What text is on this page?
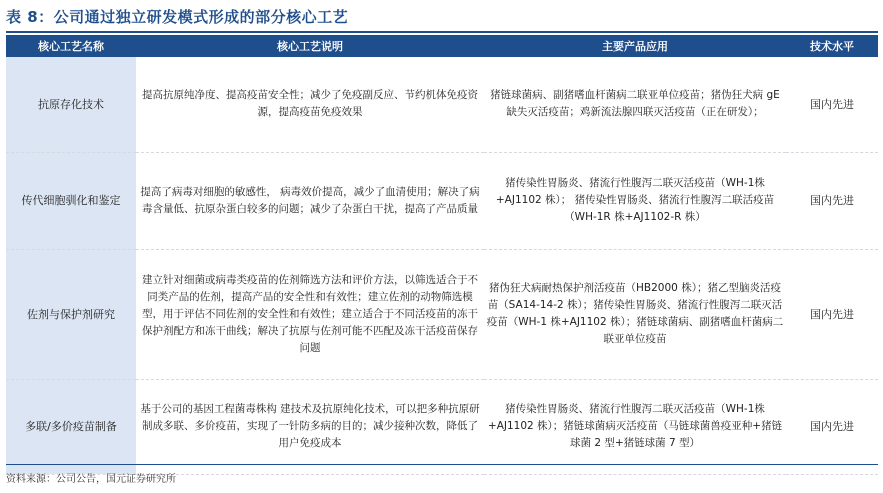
表 8：公司通过独立研发模式形成的部分核心工艺
核心工艺名称	核心工艺说明	主要产品应用	技术水平
抗原存化技术	提高抗原纯净度、提高疫苗安全性；减少了免疫副反应、节约机体免疫资源，提高疫苗免疫效果	猪链球菌病、副猪嗜血杆菌病二联亚单位疫苗；猪伪狂犬病 gE 缺失灭活疫苗；鸡新流法腺四联灭活疫苗（正在研发）；	国内先进
传代细胞驯化和鉴定	提高了病毒对细胞的敏感性， 病毒效价提高，减少了血清使用；解决了病毒含量低、抗原杂蛋白较多的问题；减少了杂蛋白干扰，提高了产品质量	猪传染性胃肠炎、猪流行性腹泻二联灭活疫苗（WH-1株+AJ1102 株）； 猪传染性胃肠炎、猪流行性腹泻二联活疫苗（WH-1R 株+AJ1102-R 株）	国内先进
佐剂与保护剂研究	建立针对细菌或病毒类疫苗的佐剂筛选方法和评价方法，以筛选适合于不同类产品的佐剂，提高产品的安全性和有效性；建立佐剂的动物筛选模型，用于评估不同佐剂的安全性和有效性；建立适合于不同活疫苗的冻干保护剂配方和冻干曲线；解决了抗原与佐剂可能不匹配及冻干活疫苗保存问题	猪伪狂犬病耐热保护剂活疫苗（HB2000 株）；猪乙型脑炎活疫苗（SA14-14-2 株）；猪传染性胃肠炎、猪流行性腹泻二联灭活疫苗（WH-1 株+AJ1102 株）；猪链球菌病、副猪嗜血杆菌病二联亚单位疫苗	国内先进
多联/多价疫苗制备	基于公司的基因工程菌毒株构 建技术及抗原纯化技术，可以把多种抗原研制成多联、多价疫苗，实现了一针防多病的目的；减少接种次数，降低了用户免疫成本	猪传染性胃肠炎、猪流行性腹泻二联灭活疫苗（WH-1株+AJ1102 株）；猪链球菌病灭活疫苗（马链球菌兽疫亚种+猪链球菌 2 型+猪链球菌 7 型）	国内先进
资料来源：公司公告，国元证券研究所
